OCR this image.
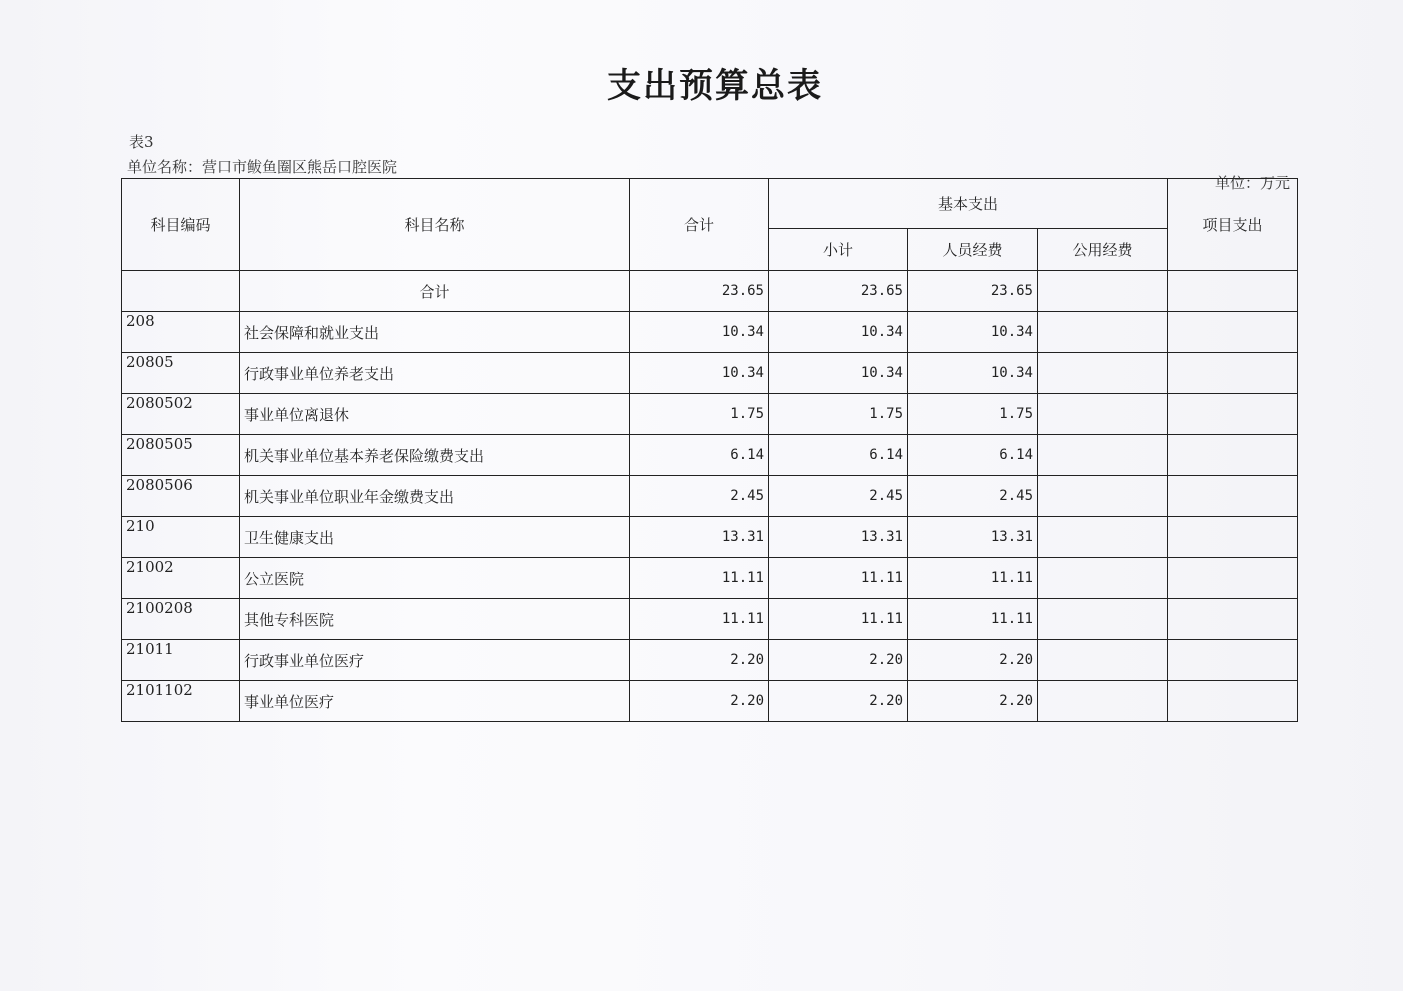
支出预算总表
表3
单位名称：营口市鲅鱼圈区熊岳口腔医院
单位：万元
科目编码	科目名称	合计	基本支出			项目支出
			小计	人员经费	公用经费	
	合计	23.65	23.65	23.65		
208	社会保障和就业支出	10.34	10.34	10.34		
20805	行政事业单位养老支出	10.34	10.34	10.34		
2080502	事业单位离退休	1.75	1.75	1.75		
2080505	机关事业单位基本养老保险缴费支出	6.14	6.14	6.14		
2080506	机关事业单位职业年金缴费支出	2.45	2.45	2.45		
210	卫生健康支出	13.31	13.31	13.31		
21002	公立医院	11.11	11.11	11.11		
2100208	其他专科医院	11.11	11.11	11.11		
21011	行政事业单位医疗	2.20	2.20	2.20		
2101102	事业单位医疗	2.20	2.20	2.20		
